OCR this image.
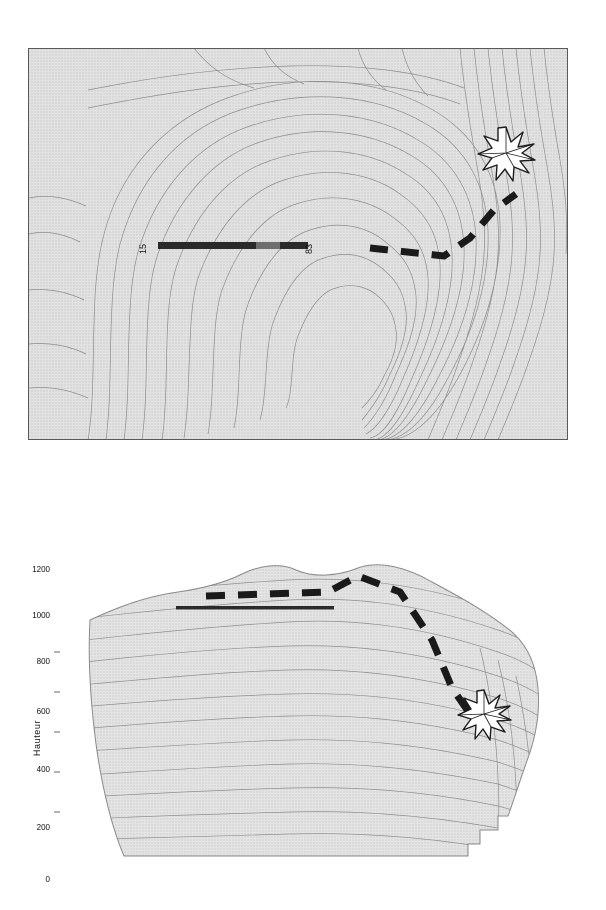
15	83
1200
1000
800
600
400
200
0
Hauteur
